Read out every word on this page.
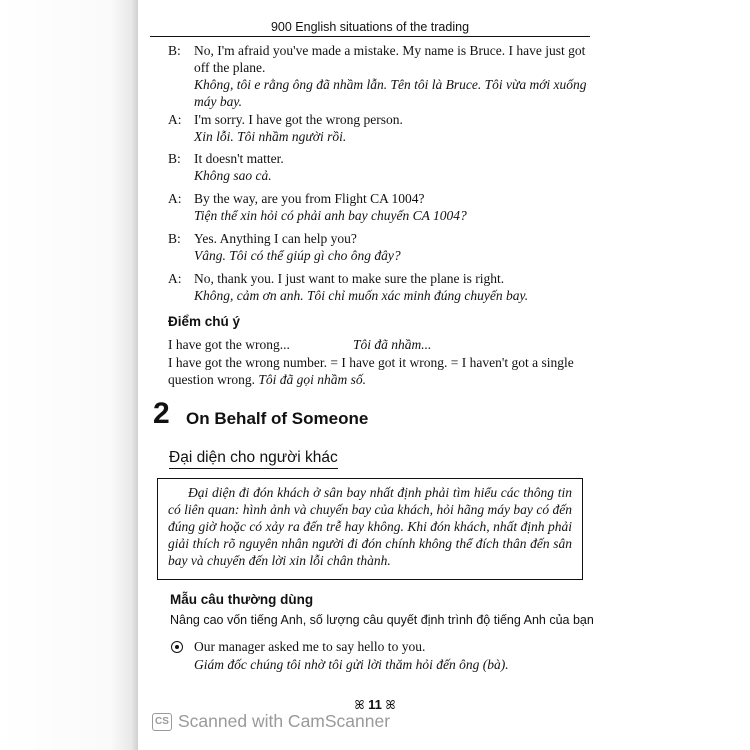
900 English situations of the trading
B: No, I'm afraid you've made a mistake. My name is Bruce. I have just got off the plane.
Không, tôi e rằng ông đã nhầm lẫn. Tên tôi là Bruce. Tôi vừa mới xuống máy bay.
A: I'm sorry. I have got the wrong person.
Xin lỗi. Tôi nhầm người rồi.
B: It doesn't matter.
Không sao cả.
A: By the way, are you from Flight CA 1004?
Tiện thể xin hỏi có phải anh bay chuyến CA 1004?
B: Yes. Anything I can help you?
Vâng. Tôi có thể giúp gì cho ông đây?
A: No, thank you. I just want to make sure the plane is right.
Không, cảm ơn anh. Tôi chỉ muốn xác minh đúng chuyến bay.
Điểm chú ý
I have got the wrong...	Tôi đã nhầm...
I have got the wrong number. = I have got it wrong. = I haven't got a single question wrong. Tôi đã gọi nhầm số.
2 On Behalf of Someone
Đại diện cho người khác
Đại diện đi đón khách ở sân bay nhất định phải tìm hiểu các thông tin có liên quan: hình ảnh và chuyến bay của khách, hỏi hãng máy bay có đến đúng giờ hoặc có xảy ra đến trễ hay không. Khi đón khách, nhất định phải giải thích rõ nguyên nhân người đi đón chính không thể đích thân đến sân bay và chuyển đến lời xin lỗi chân thành.
Mẫu câu thường dùng
Nâng cao vốn tiếng Anh, số lượng câu quyết định trình độ tiếng Anh của bạn
Our manager asked me to say hello to you.
Giám đốc chúng tôi nhờ tôi gửi lời thăm hỏi đến ông (bà).
ꕤ 11 ꕤ
CS Scanned with CamScanner
